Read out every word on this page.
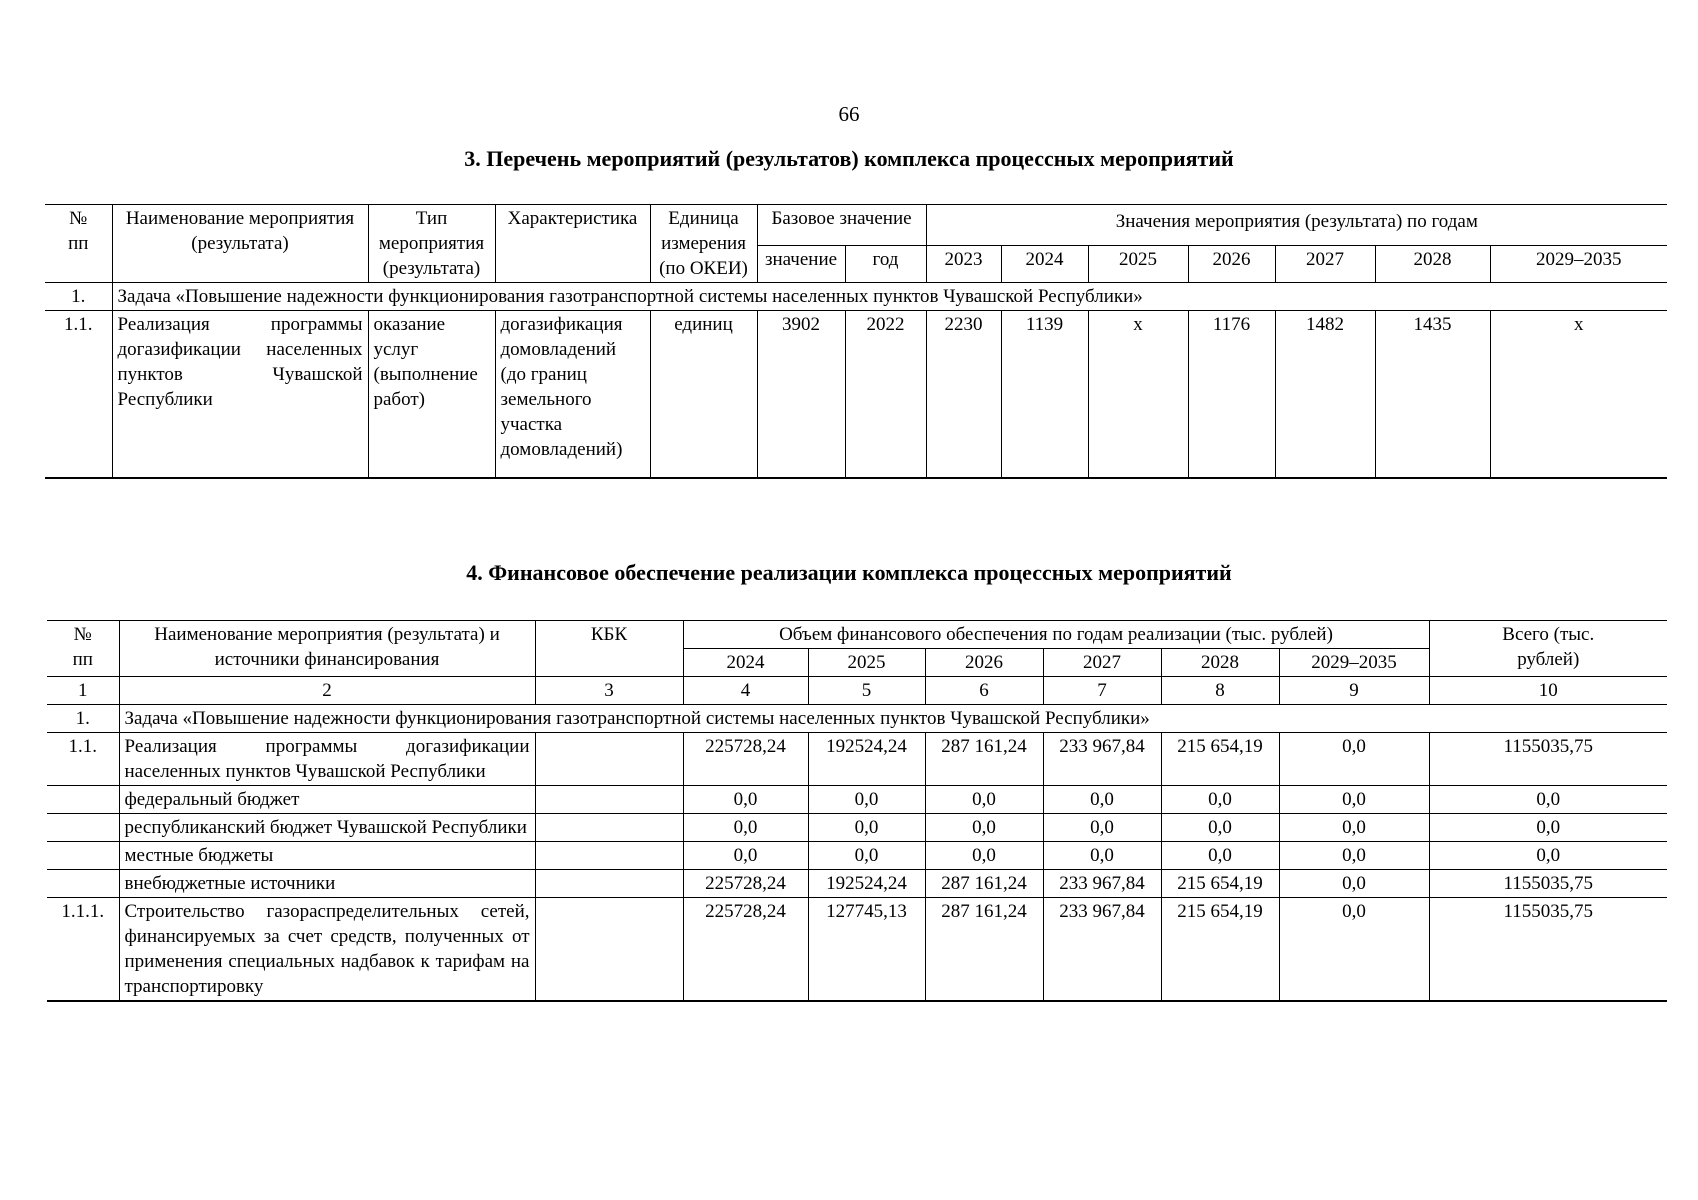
66
3. Перечень мероприятий (результатов) комплекса процессных мероприятий
№
пп	Наименование мероприятия (результата)	Тип мероприятия (результата)	Характеристика	Единица измерения (по ОКЕИ)	Базовое значение		Значения мероприятия (результата) по годам						
					значение	год	2023	2024	2025	2026	2027	2028	2029–2035
1.	Задача «Повышение надежности функционирования газотранспортной системы населенных пунктов Чувашской Республики»												
1.1.	Реализация программы догазификации населенных пунктов Чувашской Республики	оказание услуг (выполнение работ)	догазификация домовладений (до границ земельного участка домовладений)	единиц	3902	2022	2230	1139	x	1176	1482	1435	x
4. Финансовое обеспечение реализации комплекса процессных мероприятий
№
пп	Наименование мероприятия (результата) и источники финансирования	КБК	Объем финансового обеспечения по годам реализации (тыс. рублей)						Всего (тыс. рублей)
			2024	2025	2026	2027	2028	2029–2035	
1	2	3	4	5	6	7	8	9	10
1.	Задача «Повышение надежности функционирования газотранспортной системы населенных пунктов Чувашской Республики»								
1.1.	Реализация программы догазификации населенных пунктов Чувашской Республики		225728,24	192524,24	287 161,24	233 967,84	215 654,19	0,0	1155035,75
	федеральный бюджет		0,0	0,0	0,0	0,0	0,0	0,0	0,0
	республиканский бюджет Чувашской Республики		0,0	0,0	0,0	0,0	0,0	0,0	0,0
	местные бюджеты		0,0	0,0	0,0	0,0	0,0	0,0	0,0
	внебюджетные источники		225728,24	192524,24	287 161,24	233 967,84	215 654,19	0,0	1155035,75
1.1.1.	Строительство газораспределительных сетей, финансируемых за счет средств, полученных от применения специальных надбавок к тарифам на транспортировку		225728,24	127745,13	287 161,24	233 967,84	215 654,19	0,0	1155035,75
